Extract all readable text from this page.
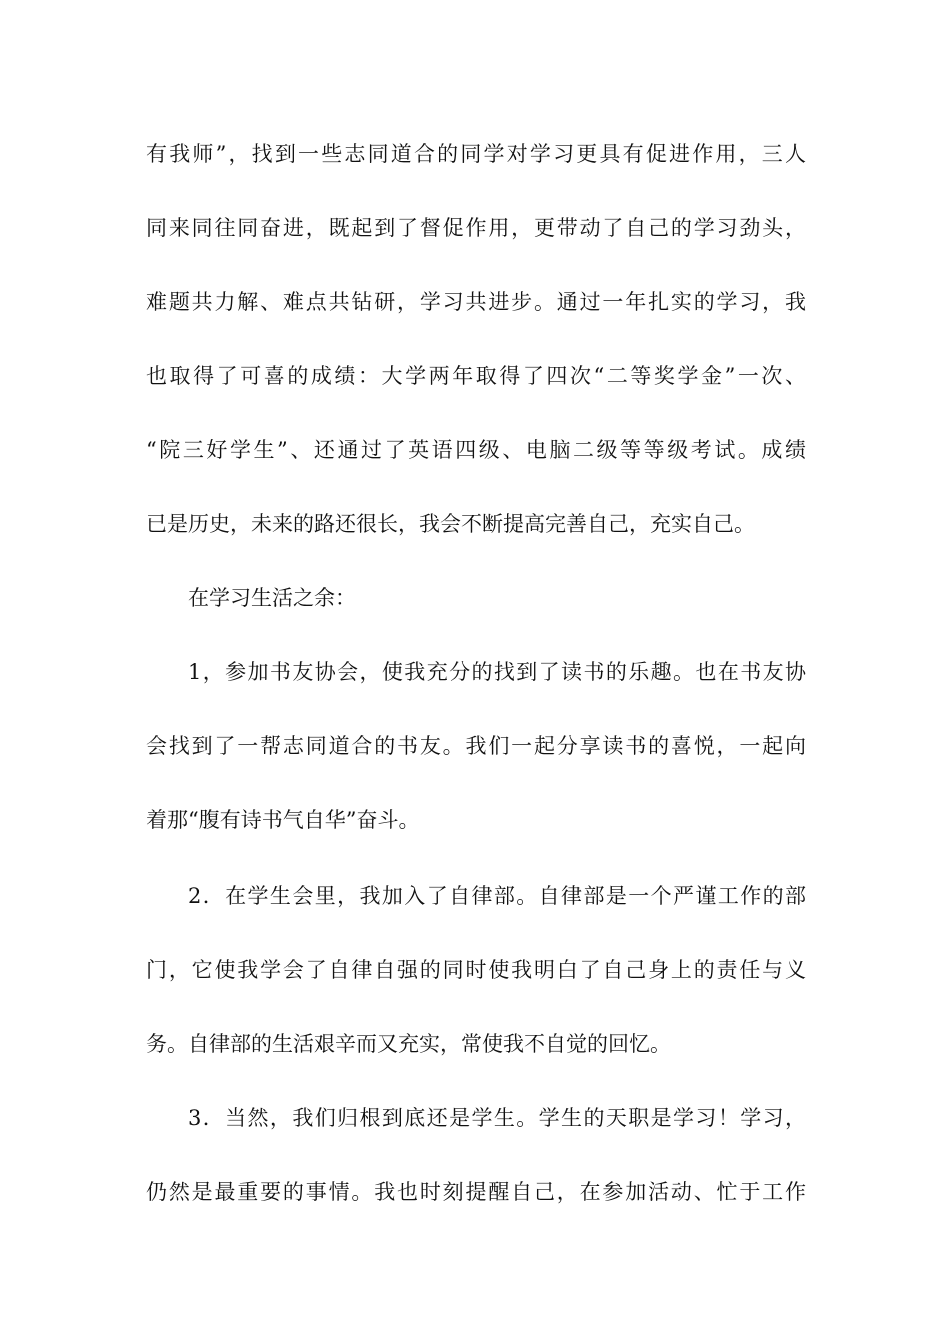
有我师”，找到一些志同道合的同学对学习更具有促进作用，三人
同来同往同奋进，既起到了督促作用，更带动了自己的学习劲头，
难题共力解、难点共钻研，学习共进步。通过一年扎实的学习，我
也取得了可喜的成绩：大学两年取得了四次“二等奖学金”一次、
“院三好学生”、还通过了英语四级、电脑二级等等级考试。成绩
已是历史，未来的路还很长，我会不断提高完善自己，充实自己。
在学习生活之余：
1，参加书友协会，使我充分的找到了读书的乐趣。也在书友协
会找到了一帮志同道合的书友。我们一起分享读书的喜悦，一起向
着那“腹有诗书气自华”奋斗。
2．在学生会里，我加入了自律部。自律部是一个严谨工作的部
门，它使我学会了自律自强的同时使我明白了自己身上的责任与义
务。自律部的生活艰辛而又充实，常使我不自觉的回忆。
3．当然，我们归根到底还是学生。学生的天职是学习！学习，
仍然是最重要的事情。我也时刻提醒自己，在参加活动、忙于工作
